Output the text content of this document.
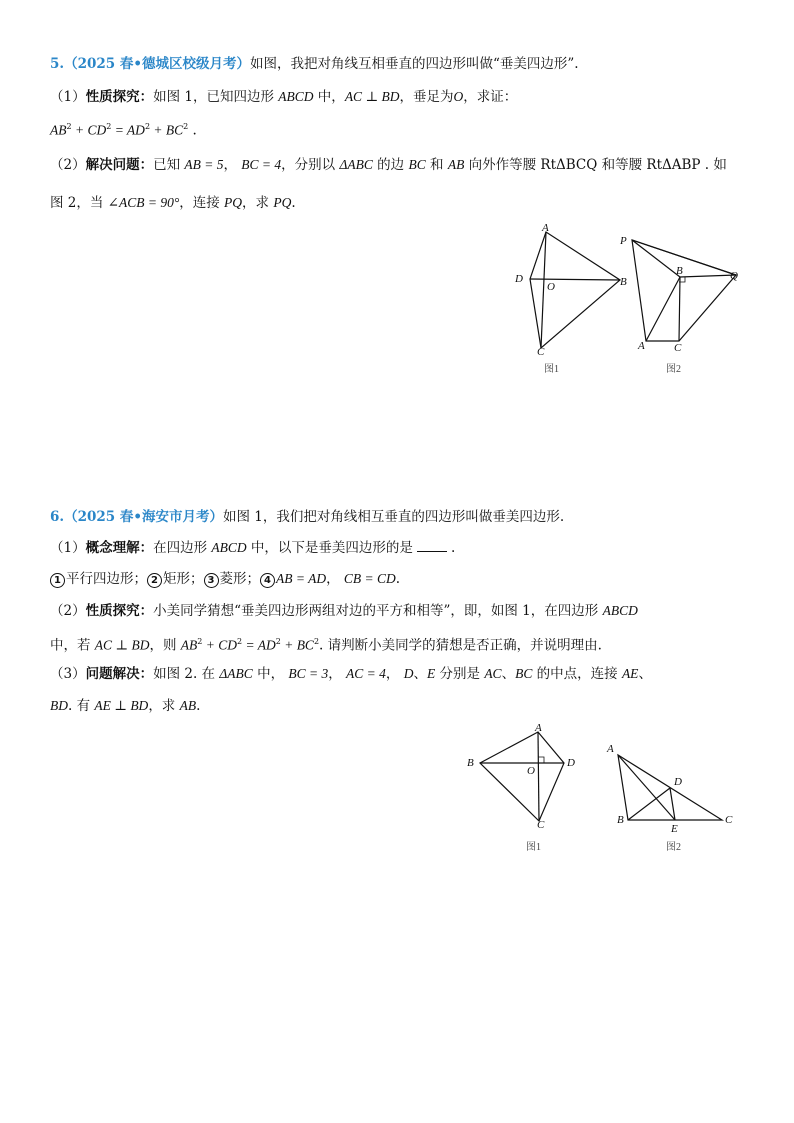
5.（2025 春•德城区校级月考）如图，我把对角线互相垂直的四边形叫做“垂美四边形”.
（1）性质探究：如图 1，已知四边形 ABCD 中，AC ⊥ BD，垂足为O，求证：
$AB^2 + CD^2 = AD^2 + BC^2$ .
（2）解决问题：已知 AB = 5， BC = 4，分别以 ΔABC 的边 BC 和 AB 向外作等腰 RtΔBCQ 和等腰 RtΔABP . 如
图 2，当 ∠ACB = 90°，连接 PQ，求 PQ.
A
D
O	B
C
图1
P
B	Q
A	C
图2
6.（2025 春•海安市月考）如图 1，我们把对角线相互垂直的四边形叫做垂美四边形.
（1）概念理解：在四边形 ABCD 中，以下是垂美四边形的是	.
1 平行四边形； 2 矩形； 3 菱形； 4 AB = AD， CB = CD.
（2）性质探究：小美同学猜想“垂美四边形两组对边的平方和相等”，即，如图 1，在四边形 ABCD
中，若 AC ⊥ BD，则 $AB^2 + CD^2 = AD^2 + BC^2$. 请判断小美同学的猜想是否正确，并说明理由.
（3）问题解决：如图 2. 在 ΔABC 中， BC = 3， AC = 4， D、E 分别是 AC、BC 的中点，连接 AE、
BD. 有 AE ⊥ BD，求 AB.
A
B
O
D
C
图1
A
D
B
E
C
图2
